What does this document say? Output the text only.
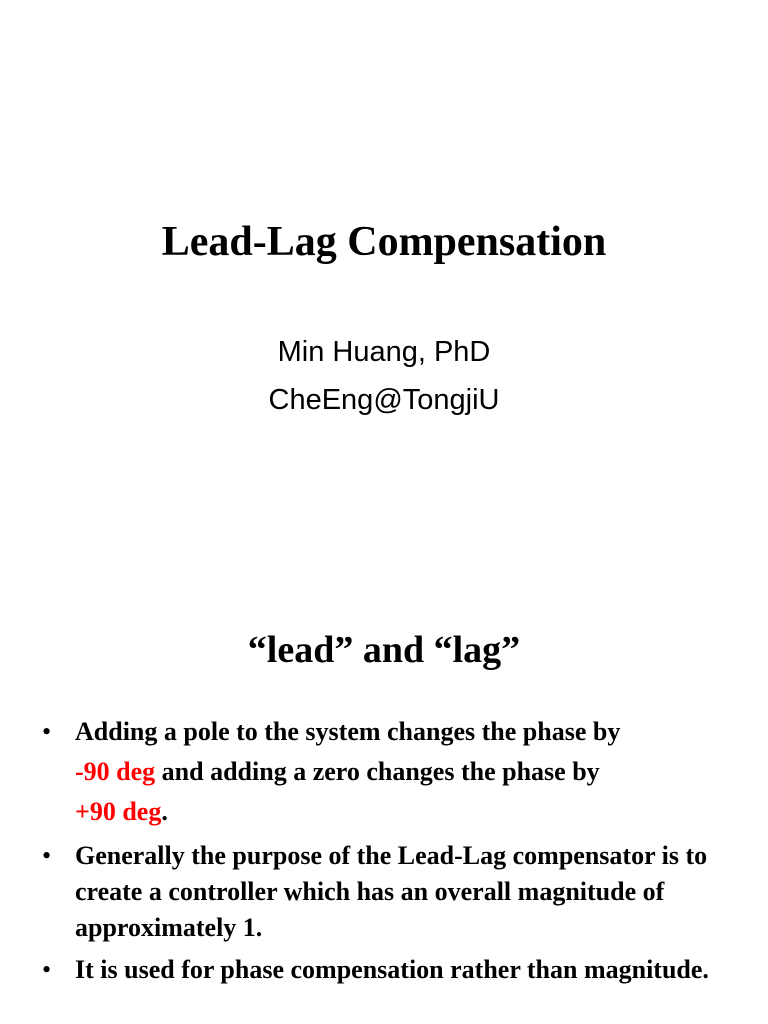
Lead-Lag Compensation

Min Huang, PhD

CheEng@TongjiU

“lead” and “lag”
• Adding a pole to the system changes the phase by
-90 deg and adding a zero changes the phase by
+90 deg.
• Generally the purpose of the Lead-Lag compensator is to create a controller which has an overall magnitude of approximately 1.
• It is used for phase compensation rather than magnitude.
